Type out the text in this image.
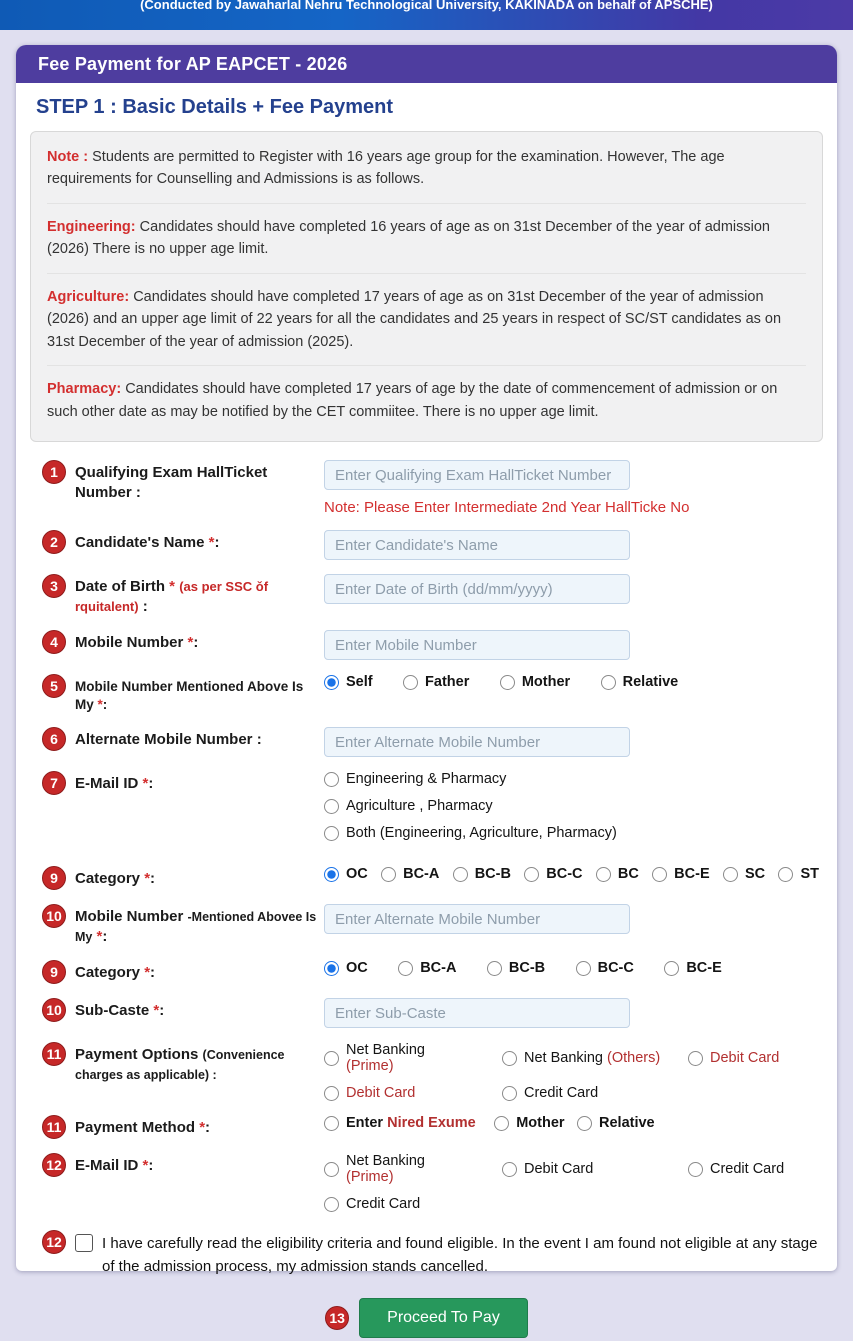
(Conducted by Jawaharlal Nehru Technological University, KAKINADA on behalf of APSCHE)
Fee Payment for AP EAPCET - 2026
STEP 1 : Basic Details + Fee Payment

Note : Students are permitted to Register with 16 years age group for the examination. However, The age requirements for Counselling and Admissions is as follows.

Engineering: Candidates should have completed 16 years of age as on 31st December of the year of admission (2026) There is no upper age limit.

Agriculture: Candidates should have completed 17 years of age as on 31st December of the year of admission (2026) and an upper age limit of 22 years for all the candidates and 25 years in respect of SC/ST candidates as on 31st December of the year of admission (2025).

Pharmacy: Candidates should have completed 17 years of age by the date of commencement of admission or on such other date as may be notified by the CET commiitee. There is no upper age limit.

1	Qualifying Exam HallTicket Number :
Enter Qualifying Exam HallTicket Number
Note: Please Enter Intermediate 2nd Year HallTicke No
2	Candidate's Name *:
Enter Candidate's Name
3	Date of Birth * (as per SSC ǒf rquitalent) :
Enter Date of Birth (dd/mm/yyyy)
4	Mobile Number *:
Enter Mobile Number
5	Mobile Number Mentioned Above Is My *:
Self
	Father
	Mother
	Relative
6	Alternate Mobile Number :
Enter Alternate Mobile Number
7	E-Mail ID *:	Engineering & Pharmacy
Agriculture , Pharmacy
Both (Engineering, Agriculture, Pharmacy)
9	Category *:	OC BC-A BC-B BC-C BC BC-E SC ST
10 Mobile Number -Mentioned Abovee Is My *:
Enter Alternate Mobile Number
9	Category *:	OC
	BC-A
	BC-B
	BC-C
	BC-E
10 Sub-Caste *:
Enter Sub-Caste
11 Payment Options (Convenience charges as applicable) :
Net Banking (Prime)	Net Banking (Others)	Debit Card
Debit Card	Credit Card
11 Payment Method *:	Enter Nired Exume
	Mother
Relative
12 E-Mail ID *:	Net Banking (Prime)	Debit Card	Credit Card
Credit Card
12	I have carefully read the eligibility criteria and found eligible. In the event I am found not eligible at any stage of the admission process, my admission stands cancelled.
13	Proceed To Pay
